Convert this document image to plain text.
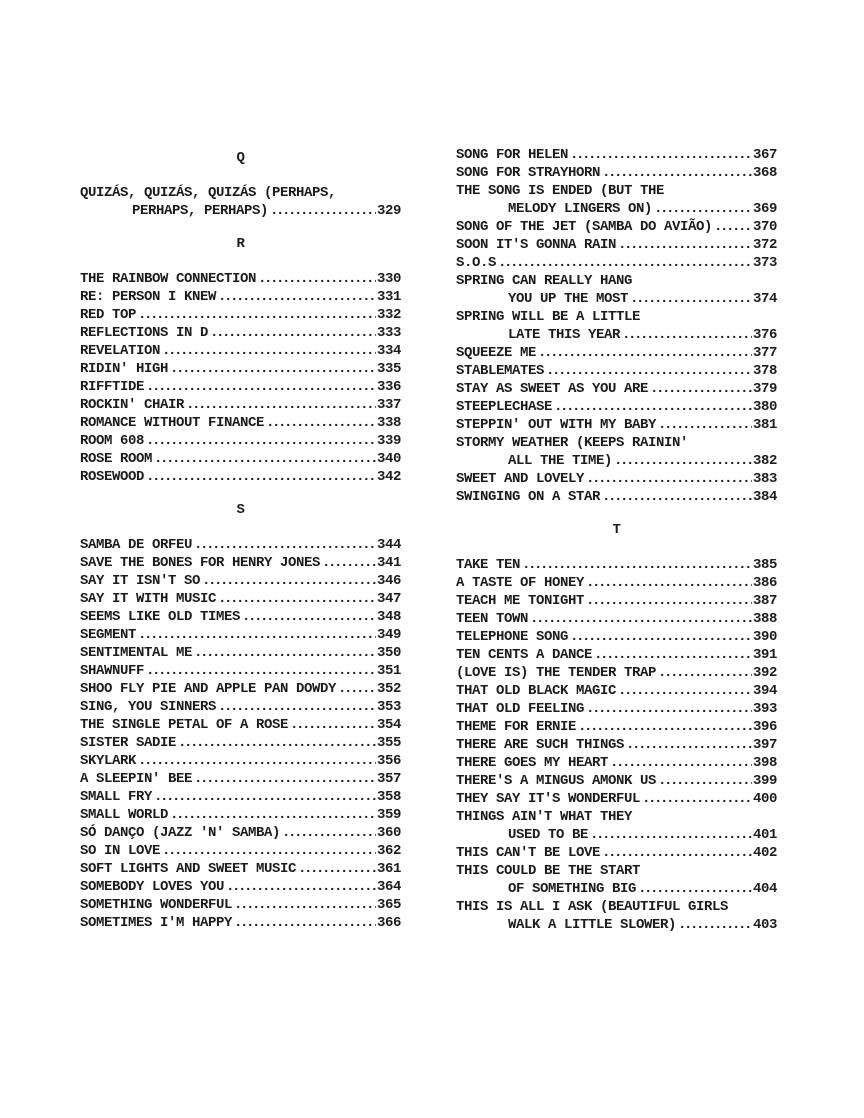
Q
QUIZÁS, QUIZÁS, QUIZÁS (PERHAPS,
PERHAPS, PERHAPS) .....	329
R
THE RAINBOW CONNECTION .....	330
RE: PERSON I KNEW .....	331
RED TOP .....	332
REFLECTIONS IN D .....	333
REVELATION .....	334
RIDIN' HIGH .....	335
RIFFTIDE .....	336
ROCKIN' CHAIR .....	337
ROMANCE WITHOUT FINANCE .....	338
ROOM 608 .....	339
ROSE ROOM .....	340
ROSEWOOD .....	342
S
SAMBA DE ORFEU .....	344
SAVE THE BONES FOR HENRY JONES .....	341
SAY IT ISN'T SO .....	346
SAY IT WITH MUSIC .....	347
SEEMS LIKE OLD TIMES .....	348
SEGMENT .....	349
SENTIMENTAL ME .....	350
SHAWNUFF .....	351
SHOO FLY PIE AND APPLE PAN DOWDY .....	352
SING, YOU SINNERS .....	353
THE SINGLE PETAL OF A ROSE .....	354
SISTER SADIE .....	355
SKYLARK .....	356
A SLEEPIN' BEE .....	357
SMALL FRY .....	358
SMALL WORLD .....	359
SÓ DANÇO (JAZZ 'N' SAMBA) .....	360
SO IN LOVE .....	362
SOFT LIGHTS AND SWEET MUSIC .....	361
SOMEBODY LOVES YOU .....	364
SOMETHING WONDERFUL .....	365
SOMETIMES I'M HAPPY .....	366
SONG FOR HELEN .....	367
SONG FOR STRAYHORN .....	368
THE SONG IS ENDED (BUT THE
MELODY LINGERS ON) .....	369
SONG OF THE JET (SAMBA DO AVIÃO) .....	370
SOON IT'S GONNA RAIN .....	372
S.O.S .....	373
SPRING CAN REALLY HANG
YOU UP THE MOST .....	374
SPRING WILL BE A LITTLE
LATE THIS YEAR .....	376
SQUEEZE ME .....	377
STABLEMATES .....	378
STAY AS SWEET AS YOU ARE .....	379
STEEPLECHASE .....	380
STEPPIN' OUT WITH MY BABY .....	381
STORMY WEATHER (KEEPS RAININ'
ALL THE TIME) .....	382
SWEET AND LOVELY .....	383
SWINGING ON A STAR .....	384
T
TAKE TEN .....	385
A TASTE OF HONEY .....	386
TEACH ME TONIGHT .....	387
TEEN TOWN .....	388
TELEPHONE SONG .....	390
TEN CENTS A DANCE .....	391
(LOVE IS) THE TENDER TRAP .....	392
THAT OLD BLACK MAGIC .....	394
THAT OLD FEELING .....	393
THEME FOR ERNIE .....	396
THERE ARE SUCH THINGS .....	397
THERE GOES MY HEART .....	398
THERE'S A MINGUS AMONK US .....	399
THEY SAY IT'S WONDERFUL .....	400
THINGS AIN'T WHAT THEY
USED TO BE .....	401
THIS CAN'T BE LOVE .....	402
THIS COULD BE THE START
OF SOMETHING BIG .....	404
THIS IS ALL I ASK (BEAUTIFUL GIRLS
WALK A LITTLE SLOWER) .....	403
